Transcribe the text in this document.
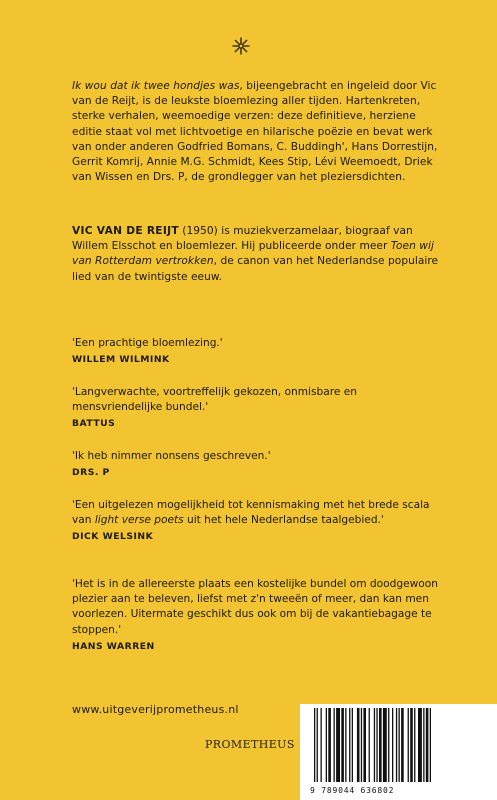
Ik wou dat ik twee hondjes was, bijeengebracht en ingeleid door Vic van de Reijt, is de leukste bloemlezing aller tijden. Hartenkreten, sterke verhalen, weemoedige verzen: deze definitieve, herziene editie staat vol met lichtvoetige en hilarische poëzie en bevat werk van onder anderen Godfried Bomans, C. Buddingh', Hans Dorrestijn, Gerrit Komrij, Annie M.G. Schmidt, Kees Stip, Lévi Weemoedt, Driek van Wissen en Drs. P, de grondlegger van het pleziersdichten.

VIC VAN DE REIJT (1950) is muziekverzamelaar, biograaf van Willem Elsschot en bloemlezer. Hij publiceerde onder meer Toen wij van Rotterdam vertrokken, de canon van het Nederlandse populaire lied van de twintigste eeuw.

'Een prachtige bloemlezing.'
WILLEM WILMINK
'Langverwachte, voortreffelijk gekozen, onmisbare en mensvriendelijke bundel.'
BATTUS
'Ik heb nimmer nonsens geschreven.'
DRS. P
'Een uitgelezen mogelijkheid tot kennismaking met het brede scala van light verse poets uit het hele Nederlandse taalgebied.'
DICK WELSINK
'Het is in de allereerste plaats een kostelijke bundel om doodgewoon plezier aan te beleven, liefst met z'n tweeën of meer, dan kan men voorlezen. Uitermate geschikt dus ook om bij de vakantiebagage te stoppen.'
HANS WARREN
www.uitgeverijprometheus.nl
PROMETHEUS
9 789044 636802
